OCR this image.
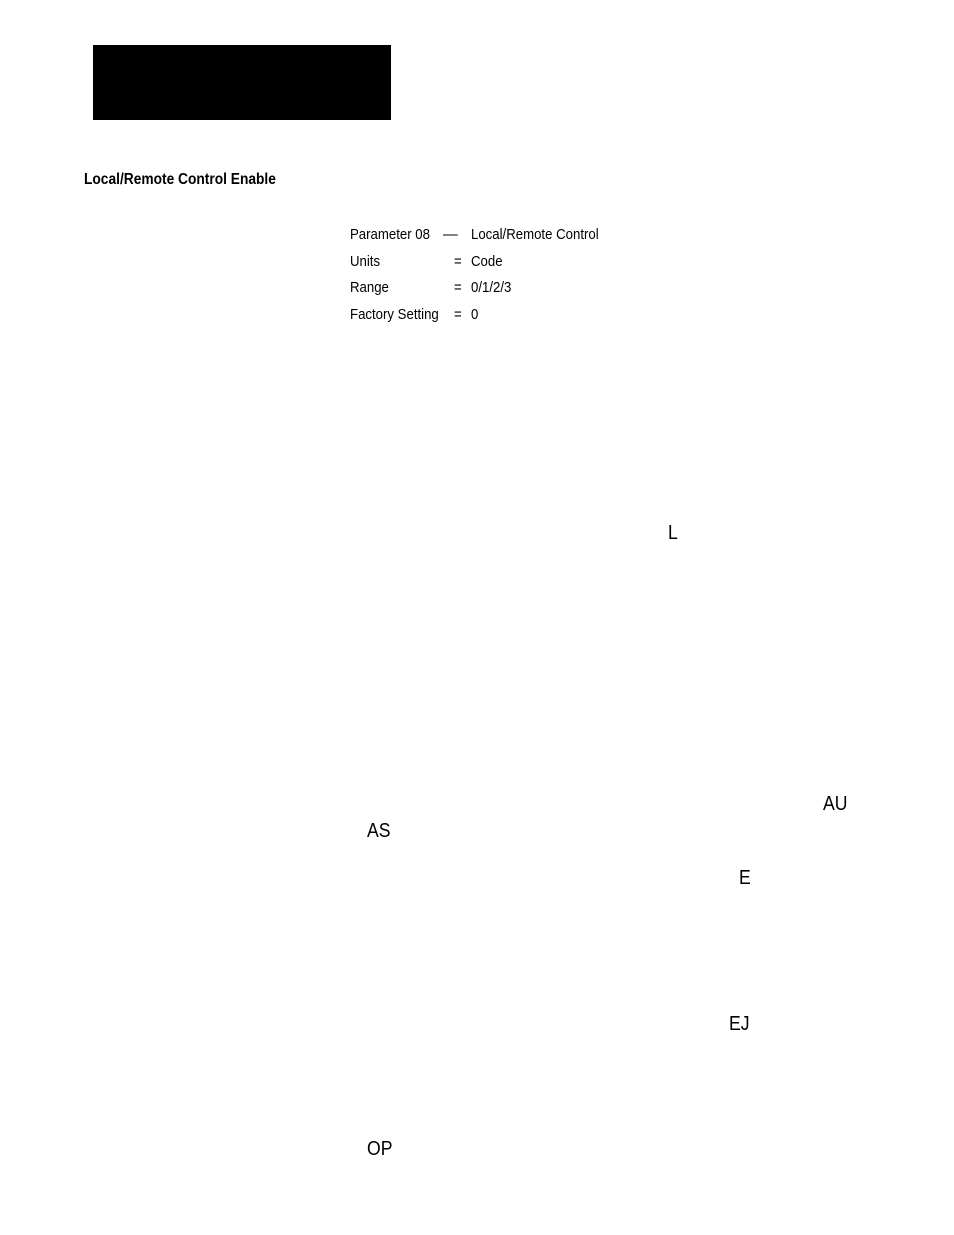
Local/Remote Control Enable
Parameter 08 –– Local/Remote Control
Units	= Code
Range	= 0/1/2/3
Factory Setting = 0
L
AU
AS
E
EJ
OP
